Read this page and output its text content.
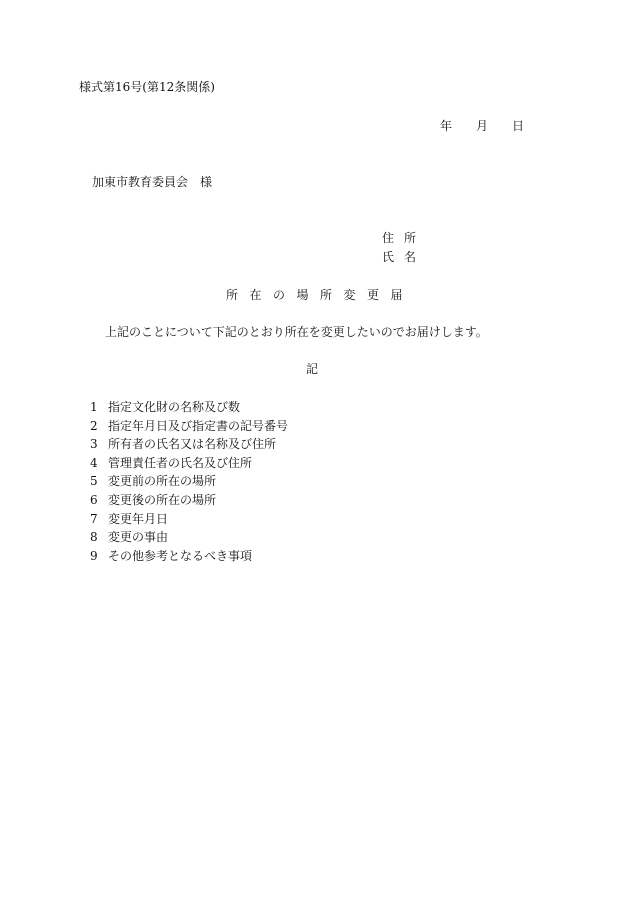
様式第16号(第12条関係)
年	月	日
加東市教育委員会　様
住所
氏名
所在の場所変更届
上記のことについて下記のとおり所在を変更したいのでお届けします。
記
1 指定文化財の名称及び数
2 指定年月日及び指定書の記号番号
3 所有者の氏名又は名称及び住所
4 管理責任者の氏名及び住所
5 変更前の所在の場所
6 変更後の所在の場所
7 変更年月日
8 変更の事由
9 その他参考となるべき事項
